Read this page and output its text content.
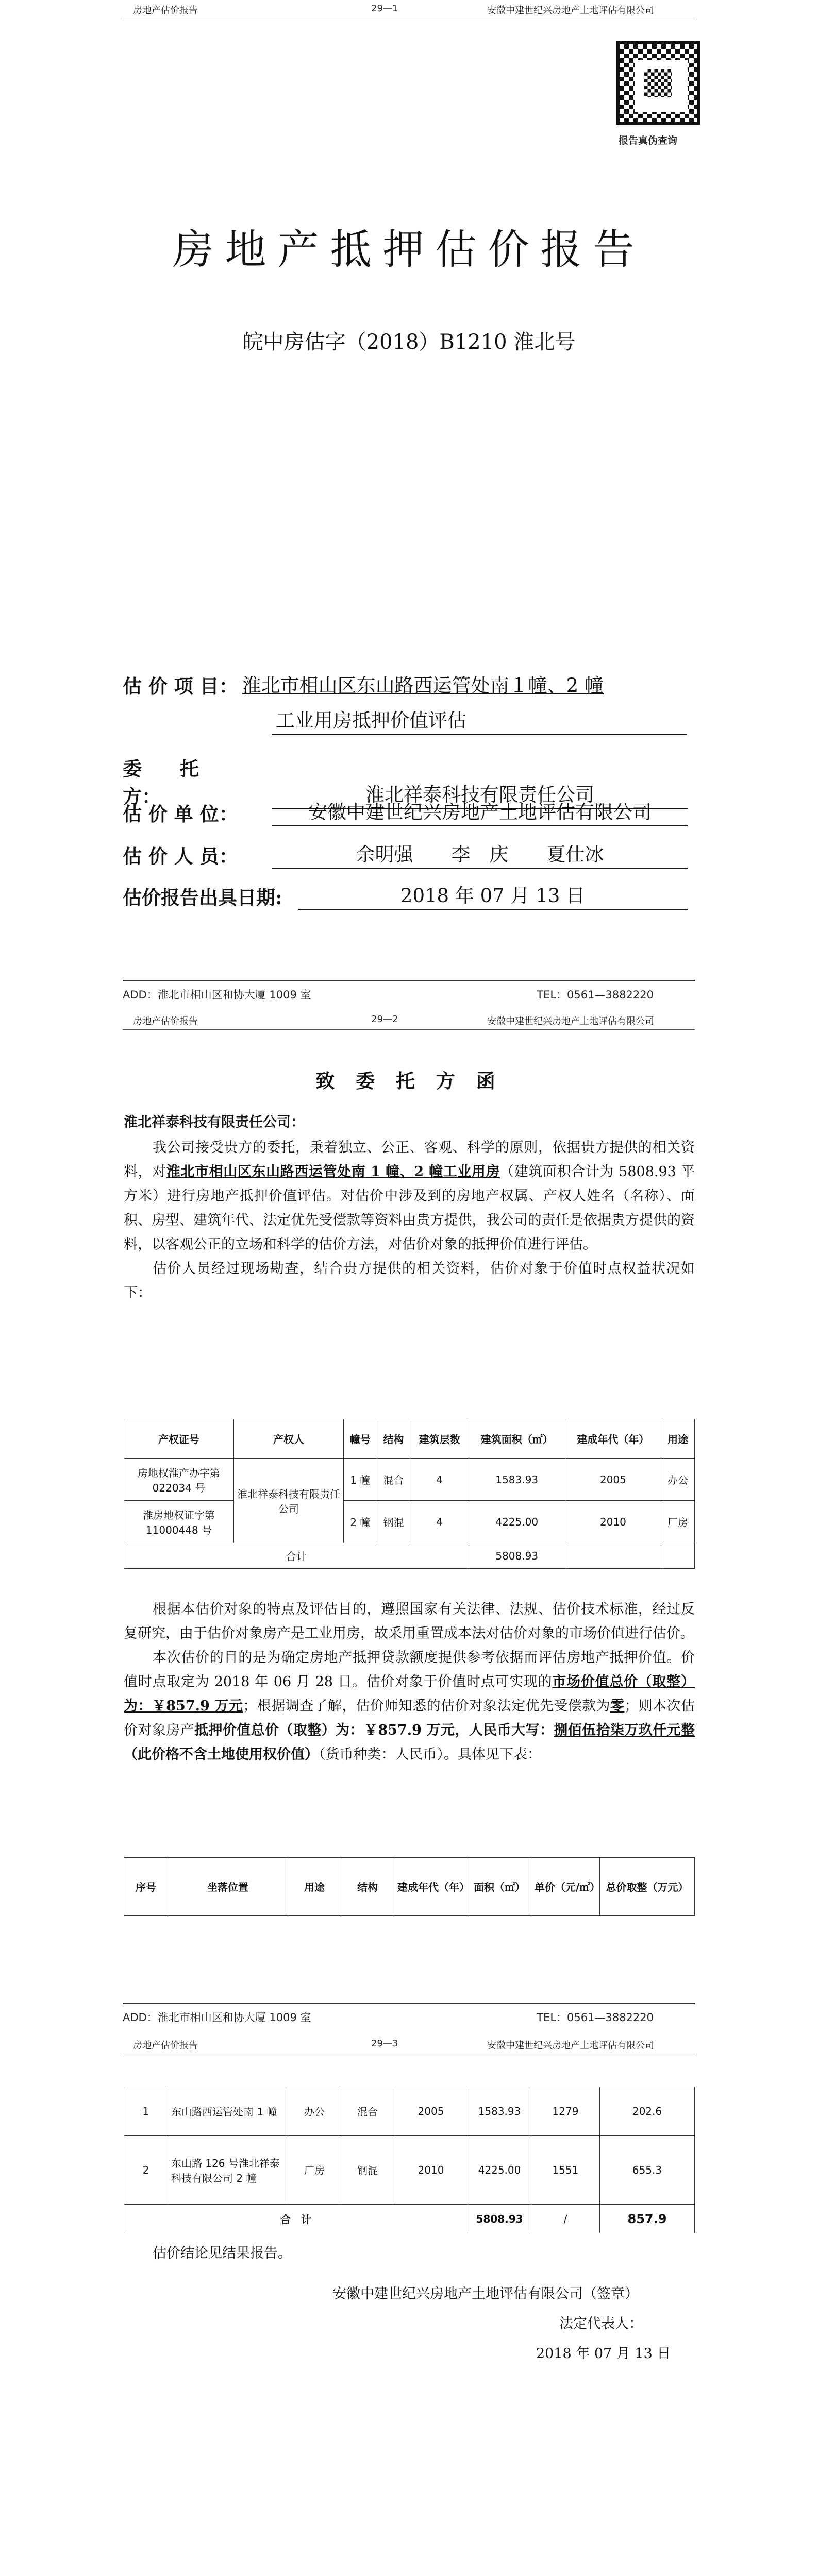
房地产估价报告	29—1	安徽中建世纪兴房地产土地评估有限公司
报告真伪查询
房地产抵押估价报告
皖中房估字（2018）B1210 淮北号
估 价 项 目： 淮北市相山区东山路西运管处南１幢、2 幢
工业用房抵押价值评估
委　　托　　方：	淮北祥泰科技有限责任公司
估 价 单 位：	安徽中建世纪兴房地产土地评估有限公司
估 价 人 员：	余明强　　李　庆　　夏仕冰
估价报告出具日期:	2018 年 07 月 13 日
ADD：淮北市相山区和协大厦 1009 室	TEL：0561—3882220
房地产估价报告	29—2	安徽中建世纪兴房地产土地评估有限公司
致 委 托 方 函
淮北祥泰科技有限责任公司：

我公司接受贵方的委托，秉着独立、公正、客观、科学的原则，依据贵方提供的相关资料，对淮北市相山区东山路西运管处南 1 幢、2 幢工业用房（建筑面积合计为 5808.93 平方米）进行房地产抵押价值评估。对估价中涉及到的房地产权属、产权人姓名（名称）、面积、房型、建筑年代、法定优先受偿款等资料由贵方提供，我公司的责任是依据贵方提供的资料，以客观公正的立场和科学的估价方法，对估价对象的抵押价值进行评估。

估价人员经过现场勘查，结合贵方提供的相关资料，估价对象于价值时点权益状况如下：

产权证号	产权人	幢号	结构	建筑层数	建筑面积（㎡）	建成年代（年）	用途
房地权淮产办字第 022034 号	淮北祥泰科技有限责任公司	1 幢	混合	4	1583.93	2005	办公
淮房地权证字第 11000448 号		2 幢	钢混	4	4225.00	2010	厂房
合计					5808.93		

根据本估价对象的特点及评估目的，遵照国家有关法律、法规、估价技术标准，经过反复研究，由于估价对象房产是工业用房，故采用重置成本法对估价对象的市场价值进行估价。

本次估价的目的是为确定房地产抵押贷款额度提供参考依据而评估房地产抵押价值。价值时点取定为 2018 年 06 月 28 日。估价对象于价值时点可实现的市场价值总价（取整）为：￥857.9 万元；根据调查了解，估价师知悉的估价对象法定优先受偿款为零；则本次估价对象房产抵押价值总价（取整）为：￥857.9 万元，人民币大写：捌佰伍拾柒万玖仟元整（此价格不含土地使用权价值）（货币种类：人民币）。具体见下表：

序号	坐落位置	用途	结构	建成年代（年）	面积（㎡）	单价（元/㎡）	总价取整（万元）
ADD：淮北市相山区和协大厦 1009 室	TEL：0561—3882220
房地产估价报告	29—3	安徽中建世纪兴房地产土地评估有限公司
1	东山路西运管处南 1 幢	办公	混合	2005	1583.93	1279	202.6
2	东山路 126 号淮北祥泰科技有限公司 2 幢	厂房	钢混	2010	4225.00	1551	655.3
合　计					5808.93	/	857.9

估价结论见结果报告。

安徽中建世纪兴房地产土地评估有限公司（签章）
法定代表人：
2018 年 07 月 13 日
